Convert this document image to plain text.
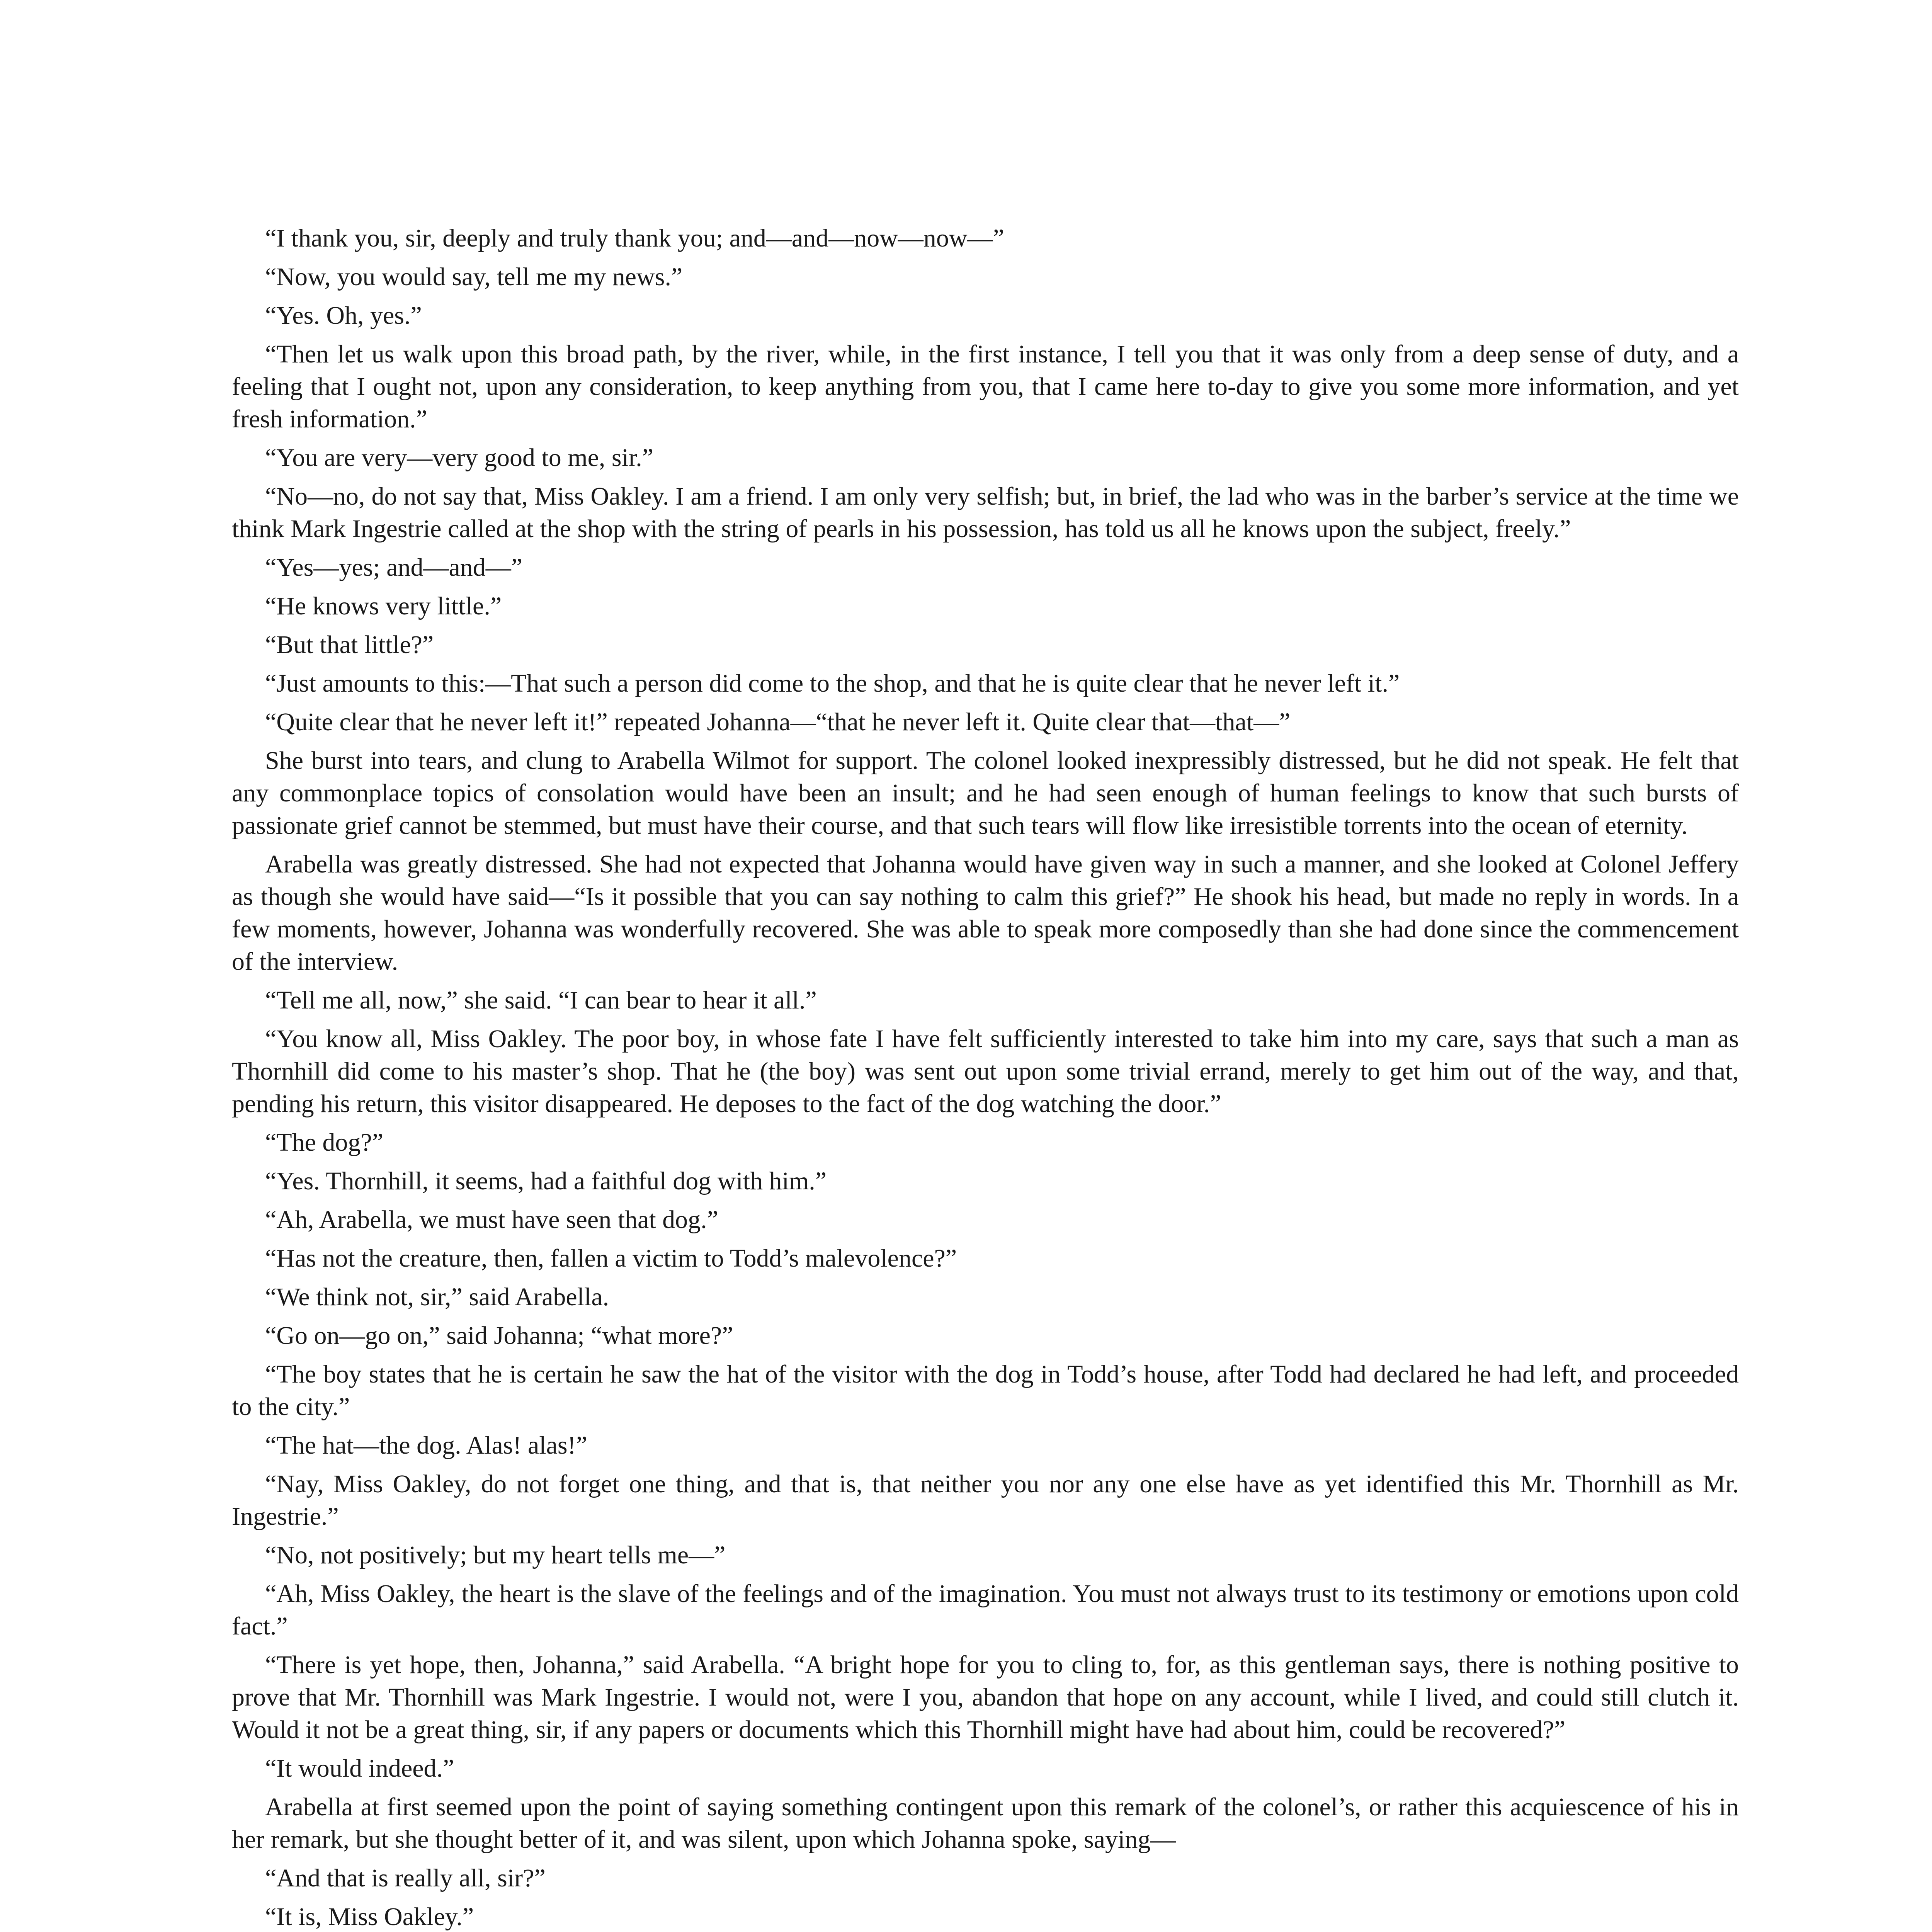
“I thank you, sir, deeply and truly thank you; and—and—now—now—”

“Now, you would say, tell me my news.”

“Yes. Oh, yes.”

“Then let us walk upon this broad path, by the river, while, in the first instance, I tell you that it was only from a deep sense of duty, and a feeling that I ought not, upon any consideration, to keep anything from you, that I came here to-day to give you some more information, and yet fresh information.”

“You are very—very good to me, sir.”

“No—no, do not say that, Miss Oakley. I am a friend. I am only very selfish; but, in brief, the lad who was in the barber’s service at the time we think Mark Ingestrie called at the shop with the string of pearls in his possession, has told us all he knows upon the subject, freely.”

“Yes—yes; and—and—”

“He knows very little.”

“But that little?”

“Just amounts to this:—That such a person did come to the shop, and that he is quite clear that he never left it.”

“Quite clear that he never left it!” repeated Johanna—“that he never left it. Quite clear that—that—”

She burst into tears, and clung to Arabella Wilmot for support. The colonel looked inexpressibly distressed, but he did not speak. He felt that any commonplace topics of consolation would have been an insult; and he had seen enough of human feelings to know that such bursts of passionate grief cannot be stemmed, but must have their course, and that such tears will flow like irresistible torrents into the ocean of eternity.

Arabella was greatly distressed. She had not expected that Johanna would have given way in such a manner, and she looked at Colonel Jeffery as though she would have said—“Is it possible that you can say nothing to calm this grief?” He shook his head, but made no reply in words. In a few moments, however, Johanna was wonderfully recovered. She was able to speak more composedly than she had done since the commencement of the interview.

“Tell me all, now,” she said. “I can bear to hear it all.”

“You know all, Miss Oakley. The poor boy, in whose fate I have felt sufficiently interested to take him into my care, says that such a man as Thornhill did come to his master’s shop. That he (the boy) was sent out upon some trivial errand, merely to get him out of the way, and that, pending his return, this visitor disappeared. He deposes to the fact of the dog watching the door.”

“The dog?”

“Yes. Thornhill, it seems, had a faithful dog with him.”

“Ah, Arabella, we must have seen that dog.”

“Has not the creature, then, fallen a victim to Todd’s malevolence?”

“We think not, sir,” said Arabella.

“Go on—go on,” said Johanna; “what more?”

“The boy states that he is certain he saw the hat of the visitor with the dog in Todd’s house, after Todd had declared he had left, and proceeded to the city.”

“The hat—the dog. Alas! alas!”

“Nay, Miss Oakley, do not forget one thing, and that is, that neither you nor any one else have as yet identified this Mr. Thornhill as Mr. Ingestrie.”

“No, not positively; but my heart tells me—”

“Ah, Miss Oakley, the heart is the slave of the feelings and of the imagination. You must not always trust to its testimony or emotions upon cold fact.”

“There is yet hope, then, Johanna,” said Arabella. “A bright hope for you to cling to, for, as this gentleman says, there is nothing positive to prove that Mr. Thornhill was Mark Ingestrie. I would not, were I you, abandon that hope on any account, while I lived, and could still clutch it. Would it not be a great thing, sir, if any papers or documents which this Thornhill might have had about him, could be recovered?”

“It would indeed.”

Arabella at first seemed upon the point of saying something contingent upon this remark of the colonel’s, or rather this acquiescence of his in her remark, but she thought better of it, and was silent, upon which Johanna spoke, saying—

“And that is really all, sir?”

“It is, Miss Oakley.”
